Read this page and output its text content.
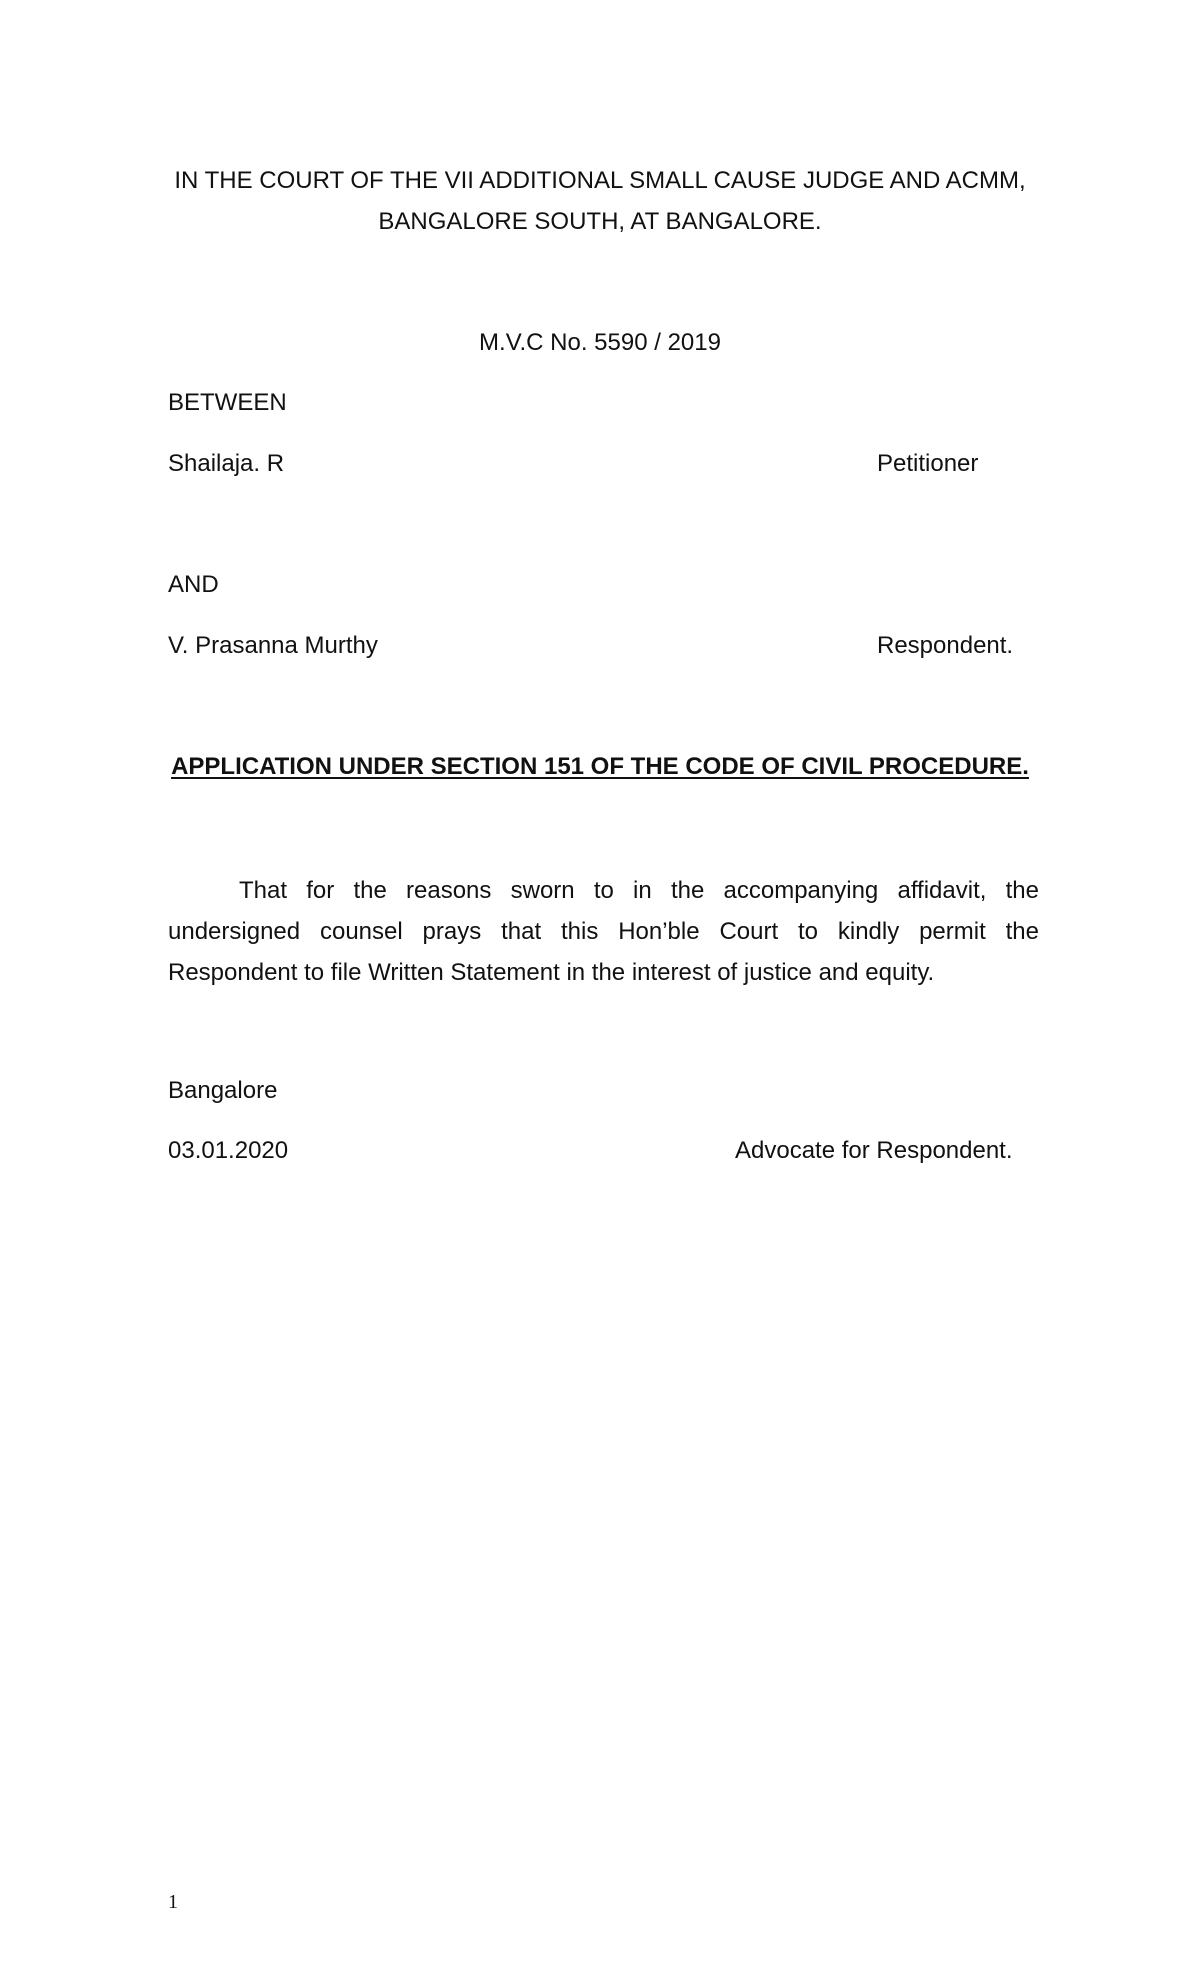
IN THE COURT OF THE VII ADDITIONAL SMALL CAUSE JUDGE AND ACMM,
BANGALORE SOUTH, AT BANGALORE.
M.V.C No. 5590 / 2019
BETWEEN
Shailaja. R	Petitioner
AND
V. Prasanna Murthy	Respondent.
APPLICATION UNDER SECTION 151 OF THE CODE OF CIVIL PROCEDURE.
That for the reasons sworn to in the accompanying affidavit, the undersigned counsel prays that this Hon’ble Court to kindly permit the Respondent to file Written Statement in the interest of justice and equity.
Bangalore
03.01.2020	Advocate for Respondent.
1
